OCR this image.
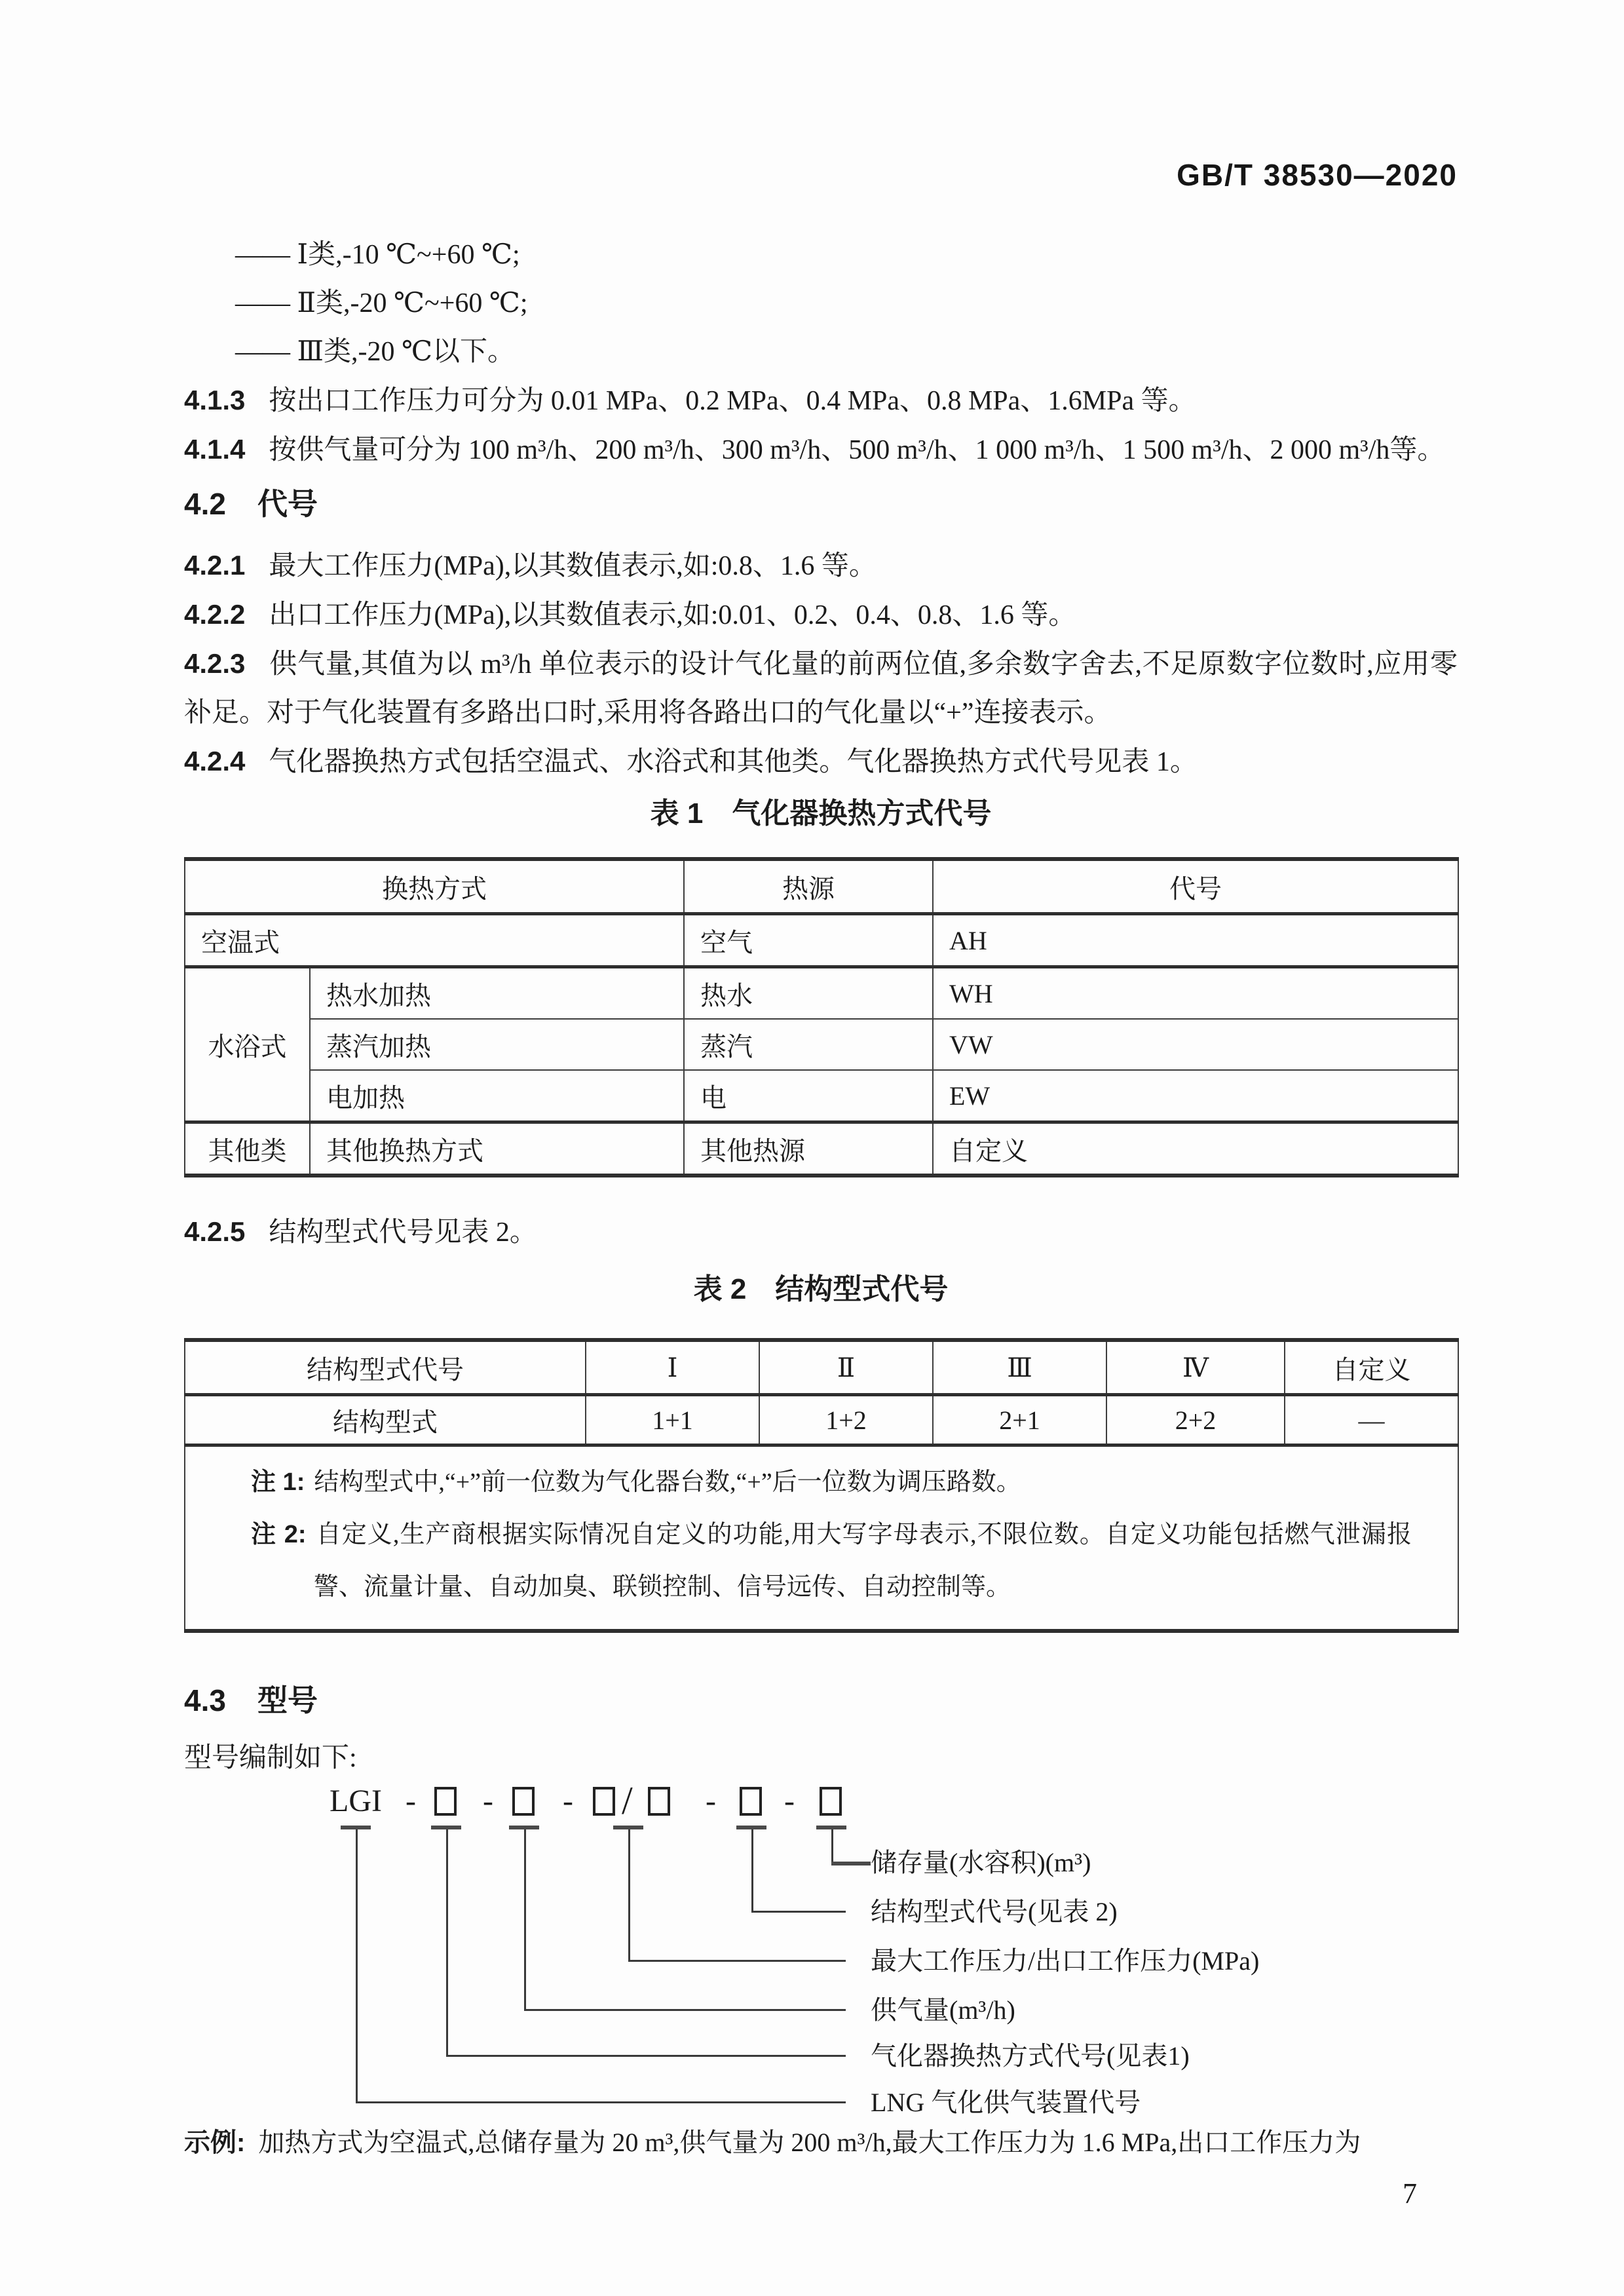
GB/T 38530—2020
—— Ⅰ类,-10 ℃~+60 ℃;
—— Ⅱ类,-20 ℃~+60 ℃;
—— Ⅲ类,-20 ℃以下。
4.1.3 按出口工作压力可分为 0.01 MPa、0.2 MPa、0.4 MPa、0.8 MPa、1.6MPa 等。
4.1.4 按供气量可分为 100 m³/h、200 m³/h、300 m³/h、500 m³/h、1 000 m³/h、1 500 m³/h、2 000 m³/h等。
4.2 代号
4.2.1 最大工作压力(MPa),以其数值表示,如:0.8、1.6 等。
4.2.2 出口工作压力(MPa),以其数值表示,如:0.01、0.2、0.4、0.8、1.6 等。
4.2.3 供气量,其值为以 m³/h 单位表示的设计气化量的前两位值,多余数字舍去,不足原数字位数时,应用零补足。对于气化装置有多路出口时,采用将各路出口的气化量以“+”连接表示。
4.2.4 气化器换热方式包括空温式、水浴式和其他类。气化器换热方式代号见表 1。
表 1　气化器换热方式代号
换热方式		热源	代号
空温式		空气	AH
水浴式	热水加热	热水	WH
	蒸汽加热	蒸汽	VW
	电加热	电	EW
其他类	其他换热方式	其他热源	自定义
4.2.5 结构型式代号见表 2。
表 2　结构型式代号
结构型式代号	Ⅰ	Ⅱ	Ⅲ	Ⅳ	自定义
结构型式	1+1	1+2	2+1	2+2	—

注 1: 结构型式中,“+”前一位数为气化器台数,“+”后一位数为调压路数。
注 2: 自定义,生产商根据实际情况自定义的功能,用大写字母表示,不限位数。自定义功能包括燃气泄漏报警、流量计量、自动加臭、联锁控制、信号远传、自动控制等。					
4.3 型号
型号编制如下:
LGI - - - / - -
储存量(水容积)(m³)
结构型式代号(见表 2)
最大工作压力/出口工作压力(MPa)
供气量(m³/h)
气化器换热方式代号(见表1)
LNG 气化供气装置代号
示例: 加热方式为空温式,总储存量为 20 m³,供气量为 200 m³/h,最大工作压力为 1.6 MPa,出口工作压力为
7
